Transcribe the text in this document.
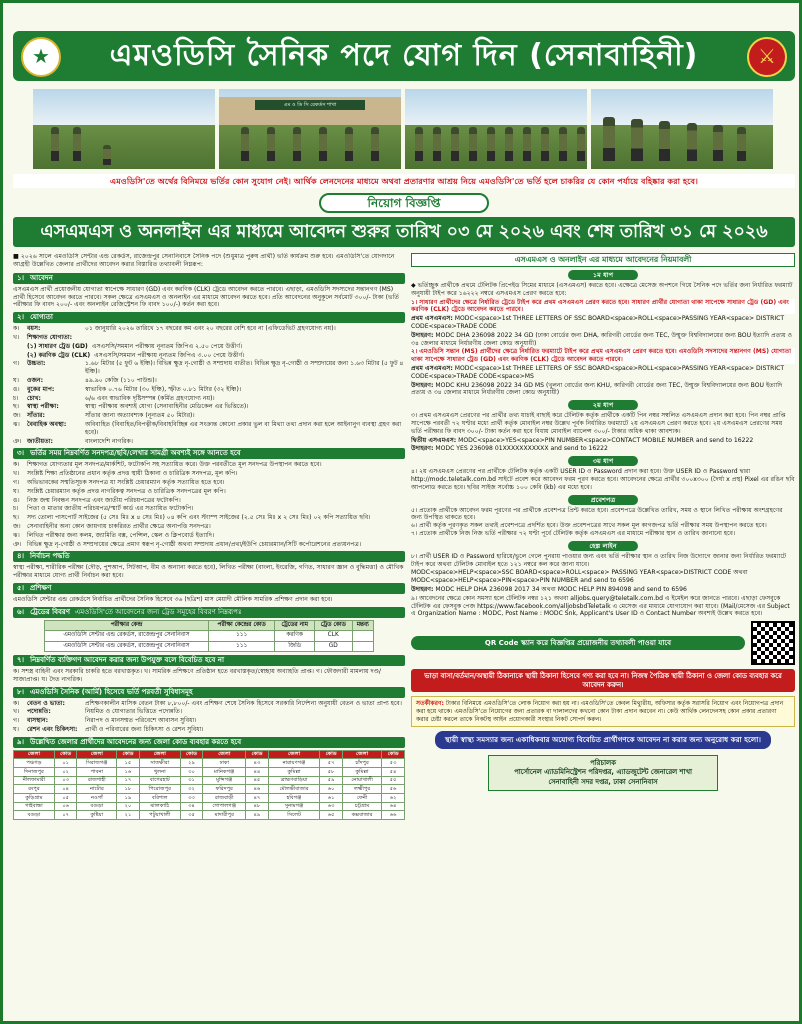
★	এমওডিসি সৈনিক পদে যোগ দিন (সেনাবাহিনী)	⚔
এম ও ডি সি রেকর্ডস শাখা
এমওডিসি'তে অর্থের বিনিময়ে ভর্তির কোন সুযোগ নেই। আর্থিক লেনদেনের মাধ্যমে অথবা প্রতারণার আশ্রয় নিয়ে এমওডিসি'তে ভর্তি হলে চাকরির যে কোন পর্যায়ে বহিষ্কার করা হবে।
নিয়োগ বিজ্ঞপ্তি
এসএমএস ও অনলাইন এর মাধ্যমে আবেদন শুরুর তারিখ ০৩ মে ২০২৬ এবং শেষ তারিখ ৩১ মে ২০২৬
■ ২০২৬ সালে এমওডিসি সেন্টার এন্ড রেকর্ডস, রাজেন্দ্রপুর সেনানিবাসে সৈনিক পদে (শুধুমাত্র পুরুষ প্রার্থী) ভর্তি কার্যক্রম শুরু হবে। এমওডিসি'তে যোগদানে আগ্রহী উল্লেখিত জেলার প্রার্থীদের আবেদন করার বিস্তারিত তথ্যাবলী নিম্নরূপ:
১। আবেদন
এসএমএস প্রার্থী প্রয়োজনীয় যোগ্যতা স্বাপেক্ষে সাধারণ (GD) এবং করণিক (CLK) ট্রেডে আবেদন করতে পারবে। এছাড়া, এমওডিসি সদস্যদের সন্তানগণ (MS) প্রার্থী হিসেবে আবেদন করতে পারবে। সকল ক্ষেত্রে এসএমএস ও অনলাইন এর মাধ্যমে আবেদন করতে হবে। প্রতি আবেদনের অনুকূলে সর্বমোট ৩০০/- টাকা (ভর্তি পরীক্ষার ফি বাবদ ২০০/- এবং অনলাইন রেজিস্ট্রেশন ফি বাবদ ১০০/-) কর্তন করা হবে।
২। যোগ্যতা
ক।	বয়স:	০১ জানুয়ারি ২০২৬ তারিখে ১৭ বছরের কম এবং ২০ বছরের বেশি হবে না (এফিডেভিট গ্রহণযোগ্য নয়)।
খ।	শিক্ষাগত যোগ্যতা:
(১) সাধারণ ট্রেড (GD) এসএসসি/সমমান পরীক্ষায় নূন্যতম জিপিএ ২.৫০ পেয়ে উত্তীর্ণ।
(২) করণিক ট্রেড (CLK) এসএসসি/সমমান পরীক্ষায় নূন্যতম জিপিএ ৩.০০ পেয়ে উত্তীর্ণ।
গ।	উচ্চতা:	১.৬৮ মিটার (৫ ফুট ৬ ইঞ্চি)। বিভিন্ন ক্ষুদ্র নৃ-গোষ্ঠী ও সম্প্রদায় ব্যতীত। বিভিন্ন ক্ষুদ্র নৃ-গোষ্ঠী ও সম্প্রদায়ের জন্য ১.৬৩ মিটার (৫ ফুট ৪ ইঞ্চি)।
ঘ।	ওজন:	৪৯.৯০ কেজি (১১০ পাউন্ড)।
ঙ।	বুকের মাপ:	স্বাভাবিক ০.৭৬ মিটার (৩০ ইঞ্চি), স্ফীত ০.৮১ মিটার (৩২ ইঞ্চি)।
চ।	চোখ:	৬/৬ এবং স্বাভাবিক দৃষ্টিসম্পন্ন (কর্মিত গ্রহণযোগ্য নয়)।
ছ।	স্বাস্থ্য পরীক্ষা:	স্বাস্থ্য পরীক্ষায় অবশ্যই যোগ্য (সেনাবাহিনীর মেডিকেল এর ভিত্তিতে)।
জ।	সাঁতার:	সাঁতার জানা অত্যাবশ্যক (নূন্যতম ৫০ মিটার)।
ঝ।	বৈবাহিক অবস্থা:	অবিবাহিত (বিবাহিত/বিপত্নীক/বিবাহবিচ্ছিন্ন এর সংক্রান্ত কোনো প্রকার ভুল বা মিথ্যা তথ্য প্রদান করা হলে আইনানুগ ব্যবস্থা গ্রহণ করা হবে)।
ঞ। জাতীয়তা:	বাংলাদেশি নাগরিক।
৩। ভর্তির সময় নিম্নবর্ণিত সনদপত্র/ছবি/লেখার সামগ্রী অবশ্যই সঙ্গে আনতে হবে
ক।	শিক্ষাগত যোগ্যতার মূল সনদপত্র/মার্কশিট, ফটোকপি সহ সত্যায়িত করে। উক্ত পরবর্তীতে মূল সনদপত্র উপস্থাপন করতে হবে।
খ।	সংশ্লিষ্ট শিক্ষা প্রতিষ্ঠানের প্রধান কর্তৃক প্রদত্ত স্থায়ী ঠিকানা ও চারিত্রিক সনদপত্র, মূল কপি।
গ।	অভিভাবকের সম্মতিসূচক সনদপত্র যা সংশ্লিষ্ট চেয়ারম্যান কর্তৃক সত্যায়িত হতে হবে।
ঘ।	সংশ্লিষ্ট চেয়ারম্যান কর্তৃক প্রদত্ত নাগরিকত্ব সনদপত্র ও চারিত্রিক সনদপত্রের মূল কপি।
ঙ।	নিজ জন্ম নিবন্ধন সনদপত্র এবং জাতীয় পরিচয়পত্রের ফটোকপি।
চ।	পিতা ও মাতার জাতীয় পরিচয়পত্র/স্মার্ট কার্ড এর সত্যায়িত ফটোকপি।
ছ।	সদ্য তোলা পাসপোর্ট সাইজের (৫ সেঃ মিঃ x ৪ সেঃ মিঃ) ০৪ কপি এবং স্ট্যাম্প সাইজের (২.৫ সেঃ মিঃ x ২ সেঃ মিঃ) ০২ কপি সত্যায়িত ছবি।
জ।	সেনাবাহিনীর অন্য কোন জায়গায় চাকরিরত প্রার্থীর ক্ষেত্রে অনাপত্তি সনদপত্র।
ঝ।	লিখিত পরীক্ষার জন্য কলম, জ্যামিতি বক্স, পেন্সিল, স্কেল ও ক্লিপবোর্ড ইত্যাদি।
ঞ। বিভিন্ন ক্ষুদ্র নৃ-গোষ্ঠী ও সম্প্রদায়ের ক্ষেত্রে প্রমাণ স্বরূপ নৃ-গোষ্ঠী অথবা সম্প্রদায় প্রধান/প্রথা/ইউপি চেয়ারম্যান/সিটি কর্পোরেশনের প্রত্যয়নপত্র।
৪। নির্বাচন পদ্ধতি
স্বাস্থ্য পরীক্ষা, শারীরিক পরীক্ষা (দৌড়, পুশআপ, সিটআপ, বীম ও অন্যান্য করতে হবে), লিখিত পরীক্ষা (বাংলা, ইংরেজি, গণিত, সাধারণ জ্ঞান ও বুদ্ধিমত্তা) ও মৌখিক পরীক্ষার মাধ্যমে যোগ্য প্রার্থী নির্বাচন করা হবে।
৫। প্রশিক্ষণ
এমওডিসি সেন্টার এন্ড রেকর্ডসে নির্বাচিত প্রার্থীদের সৈনিক হিসেবে ৩৬ (ছত্রিশ) মাস মেয়াদী মৌলিক সামরিক প্রশিক্ষণ প্রদান করা হবে।
৬। ট্রেডের বিবরণ
এমওডিসি'তে আবেদনের জন্য ট্রেড সমূহের বিবরণ নিম্নরূপঃ
পরীক্ষার কেন্দ্র	পরীক্ষা কেন্দ্রের কোড	ট্রেডের নাম	ট্রেড কোড	মন্তব্য
এমওডিসি সেন্টার এন্ড রেকর্ডস, রাজেন্দ্রপুর সেনানিবাস	১১১	করণিক	CLK	
এমওডিসি সেন্টার এন্ড রেকর্ডস, রাজেন্দ্রপুর সেনানিবাস	১১১	জিডি	GD	
৭। নিম্নবর্ণিত ব্যক্তিগণ আবেদন করার জন্য উপযুক্ত বলে বিবেচিত হবে না
ক। সশস্ত্র বাহিনী এবং সরকারি চাকরি হতে বরখাস্তকৃত। খ। সামরিক প্রশিক্ষণে প্রতিষ্ঠান হতে বরখাস্তকৃত/স্বেচ্ছায় অব্যাহতি প্রাপ্ত। গ। ফৌজদারী মামলায় দণ্ড/সাজাপ্রাপ্ত। ঘ। দৈত নাগরিক।
৮। এমওডিসি সৈনিক (আর্মি) হিসেবে ভর্তি পরবর্তী সুবিধাসমূহ
ক।	বেতন ও ভাতা:	প্রশিক্ষণকালীন মাসিক বেতন টাকা ৮,৮০০/- এবং প্রশিক্ষণ শেষে সৈনিক হিসেবে সরকারি নির্দেশনা অনুযায়ী বেতন ও ভাতা প্রাপ্য হবে।
খ।	পদোন্নতি:	নিয়মিত ও যোগ্যতার ভিত্তিতে পদোন্নতি।
গ।	বাসস্থান:	নিরাপদ ও মানসম্মত পরিবেশে আবাসন সুবিধা।
ঘ।	রেশন এবং চিকিৎসা:	প্রার্থী ও পরিবারের জন্য চিকিৎসা ও রেশন সুবিধা।
৯। উল্লেখিত জেলার প্রার্থীদের আবেদনের জন্য জেলা কোড ব্যবহার করতে হবে
জেলা	কোড	জেলা	কোড	জেলা	কোড	জেলা	কোড	জেলা	কোড	জেলা	কোড
পঞ্চগড়	০১	সিরাজগঞ্জ	১৫	সাতক্ষীরা	২৯	ঢাকা	৪৩	নারায়ণগঞ্জ	৫৭	চাঁদপুর	৫৩
দিনাজপুর	০২	পাবনা	১৬	খুলনা	৩০	মানিকগঞ্জ	৪৪	কুমিল্লা	৫৮	কুমিল্লা	৫৪
নীলফামারী	০৩	রাজশাহী	১৭	বাগেরহাট	৩১	মুন্সিগঞ্জ	৪৫	ব্রাহ্মণবাড়িয়া	৫৯	নোয়াখালী	৫৫
রংপুর	০৪	নাটোর	১৮	পিরোজপুর	৩২	ফরিদপুর	৪৬	মৌলভীবাজার	৬০	লক্ষ্মীপুর	৫৬
কুড়িগ্রাম	০৫	নওগাঁ	১৯	বরিশাল	৩৩	রাজবাড়ী	৪৭	হবিগঞ্জ	৬১	ফেনী	৬২
গাইবান্ধা	০৬	বগুড়া	২০	ঝালকাঠি	৩৪	গোপালগঞ্জ	৪৮	সুনামগঞ্জ	৬৩	চট্টগ্রাম	৬৪
বগুড়া	০৭	কুষ্টিয়া	২১	পটুয়াখালী	৩৫	মাদারীপুর	৪৯	সিলেট	৬৫	কক্সবাজার	৬৬
এসএমএস ও অনলাইন এর মাধ্যমে আবেদনের নিয়মাবলী
১ম ধাপ
◆ ভর্তিচ্ছুক প্রার্থীকে প্রথমে টেলিটক প্রিপেইড সিমের মাধ্যমে (এসএমএস) করতে হবে। এক্ষেত্রে মেসেজ অপশনে গিয়ে সৈনিক পদে ভর্তির জন্য নির্ধারিত ফরম্যাট অনুযায়ী টাইপ করে ১৬২২২ নম্বরে এসএমএস প্রেরণ করতে হবে:
১। সাধারণ প্রার্থীদের ক্ষেত্রে নির্ধারিত ট্রেডে টাইপ করে প্রথম এসএমএস প্রেরণ করতে হবে। সাধারণ প্রার্থীর যোগ্যতা থাকা সাপেক্ষে সাধারণ ট্রেড (GD) এবং করণিক (CLK) ট্রেডে আবেদন করতে পারবে।
প্রথম এসএমএস: MODC<space>1st THREE LETTERS OF SSC BOARD<space>ROLL<space>PASSING YEAR<space> DISTRICT CODE<space>TRADE CODE
উদাহরণ: MODC DHA 236098 2022 34 GD (ঢাকা বোর্ডের জন্য DHA, কারিগরী বোর্ডের জন্য TEC, উন্মুক্ত বিশ্ববিদ্যালয়ের জন্য BOU ইত্যাদি প্রত্যয় ও ৩৪ জেলার মাধ্যমে নির্ধারণীয় জেলা কোড অনুযায়ী)
২। এমওডিসি সন্তান (MS) প্রার্থীদের ক্ষেত্রে নির্ধারিত ফরম্যাটে টাইপ করে প্রথম এসএমএস প্রেরণ করতে হবে। এমওডিসি সদস্যদের সন্তানগণ (MS) যোগ্যতা থাকা সাপেক্ষে সাধারণ ট্রেড (GD) এবং করণিক (CLK) ট্রেডে আবেদন করতে পারবে।
প্রথম এসএমএস: MODC<space>1st THREE LETTERS OF SSC BOARD<space>ROLL<space>PASSING YEAR<space> DISTRICT CODE<space>TRADE CODE<space>MS
উদাহরণ: MODC KHU 236098 2022 34 GD MS (খুলনা বোর্ডের জন্য KHU, কারিগরী বোর্ডের জন্য TEC, উন্মুক্ত বিশ্ববিদ্যালয়ের জন্য BOU ইত্যাদি প্রত্যয় ও ৩৪ জেলার মাধ্যমে নির্ধারণীয় জেলা কোড অনুযায়ী)
২য় ধাপ
৩। প্রথম এসএমএস প্রেরণের পর প্রার্থীর তথ্য যাচাই বাছাই করে টেলিটক কর্তৃক প্রার্থীকে একটি পিন নম্বর সম্বলিত এসএমএস প্রদান করা হবে। পিন নম্বর প্রাপ্তি সাপেক্ষে পরবর্তী ৭২ ঘণ্টার মধ্যে প্রার্থী কর্তৃক মোবাইল নম্বর উল্লেখ পূর্বক নির্ধারিত ফরম্যাটে ২য় এসএমএস প্রেরণ করতে হবে। ২য় এসএমএস প্রেরণের সময় ভর্তি পরীক্ষার ফি বাবদ ৩০০/- টাকা কর্তন করা হবে বিধায় মোবাইল ব্যালেন্স ৩০০/- টাকার অধিক থাকা আবশ্যক।
দ্বিতীয় এসএমএস: MODC<space>YES<space>PIN NUMBER<space>CONTACT MOBILE NUMBER and send to 16222
উদাহরণ: MODC YES 236098 01XXXXXXXXXXX and send to 16222
৩য় ধাপ
৪। ২য় এসএমএস প্রেরণের পর প্রার্থীকে টেলিটক কর্তৃক একটি USER ID ও Password প্রদান করা হবে। উক্ত USER ID ও Password দ্বারা http://modc.teletalk.com.bd সাইটে প্রবেশ করে আবেদন ফরম পূরণ করতে হবে। আবেদনের ক্ষেত্রে প্রার্থীর ৩০০x৩০০ (দৈর্ঘ্য x প্রস্থ) Pixel এর রঙিন ছবি আপলোড করতে হবে। ছবির সাইজ সর্বোচ্চ ১০০ কেবি (kb) এর মধ্যে হবে।
প্রবেশপত্র
৫। প্রত্যেক প্রার্থীকে আবেদন ফরম পূরণের পর প্রার্থীকে প্রবেশপত্র প্রিন্ট করতে হবে। প্রবেশপত্রে উল্লেখিত তারিখ, সময় ও স্থানে লিখিত পরীক্ষায় অংশগ্রহণের জন্য উপস্থিত থাকতে হবে।
৬। প্রার্থী কর্তৃক পূরণকৃত সকল তথ্যই প্রবেশপত্রে প্রদর্শিত হবে। উক্ত প্রবেশপত্রের সাথে সকল মূল কাগজপত্র ভর্তি পরীক্ষার সময় উপস্থাপন করতে হবে।
৭। প্রত্যেক প্রার্থীকে নিজ নিজ ভর্তি পরীক্ষার ৭২ ঘণ্টা পূর্বে টেলিটক কর্তৃক এসএমএস এর মাধ্যমে পরীক্ষার স্থান ও তারিখ জানানো হবে।
হেল্প লাইন
৮। প্রার্থী USER ID ও Password হারিয়ে/ভুলে গেলে পুনরায় পাওয়ার জন্য এবং ভর্তি পরীক্ষার স্থান ও তারিখ নিজ উদ্যোগে জানার জন্য নির্ধারিত ফরম্যাটে টাইপ করে অথবা টেলিটক মোবাইল হতে ১২১ নম্বরে কল করে জানা যাবে।
MODC<space>HELP<space>SSC BOARD<space>ROLL<space> PASSING YEAR<space>DISTRICT CODE অথবা MODC<space>HELP<space>PIN<space>PIN NUMBER and send to 6596
উদাহরণ: MODC HELP DHA 236098 2017 34 অথবা MODC HELP PIN 894098 and send to 6596
৯। আবেদনের ক্ষেত্রে কোন সমস্যা হলে টেলিটক নম্বর ১২১ অথবা alljobs.query@teletalk.com.bd এ ইমেইল করে জানতে পারবে। এছাড়া ফেসবুকে টেলিটক এর ফেসবুক পেজ https://www.facebook.com/alljobsbdTeletalk এ মেসেজ এর মাধ্যমে যোগাযোগ করা যাবে। (Mail/মেসেজ এর Subject এ Organization Name : MODC, Post Name : MODC Snk, Applicant's User ID ও Contact Number অবশ্যই উল্লেখ করতে হবে।
QR Code স্ক্যান করে বিজ্ঞপ্তির প্রয়োজনীয় তথ্যাবলী পাওয়া যাবে
ভাড়া বাসা/বর্তমান/অস্থায়ী ঠিকানাকে স্থায়ী ঠিকানা হিসেবে গণ্য করা হবে না। নিজস্ব পৈত্রিক স্থায়ী ঠিকানা ও জেলা কোড ব্যবহার করে আবেদন করুন।
সতর্কীকরণ: টাকার বিনিময়ে এমওডিসি'তে লোক নিয়োগ করা হয় না। এমওডিসি'তে কেবল মিথ্যুরীয়, অফিসার কর্তৃক সরাসরি নিয়োগ এবং নিয়োগপত্র প্রদান করা হয়ে থাকে। এমওডিসি'তে নিয়োগের জন্য প্রতারক বা দালালদের কখনো কোন টাকা প্রদান করবেন না। কেউ আর্থিক লেনদেনসহ কোন প্রকার প্রতারণা করার চেষ্টা করলে তাকে নিকটস্থ আইন প্রয়োগকারী সংস্থার নিকট সোপর্দ করুন।
স্থায়ী স্বাস্থ্য সমস্যার জন্য একাধিকবার অযোগ্য বিবেচিত প্রার্থীগণকে আবেদন না করার জন্য অনুরোধ করা হলো।
পরিচালক
পার্সোনেল এ্যাডমিনিস্ট্রেশন পরিদপ্তর, এ্যাডজুটেন্ট জেনারেল শাখা
সেনাবাহিনী সদর দপ্তর, ঢাকা সেনানিবাস
